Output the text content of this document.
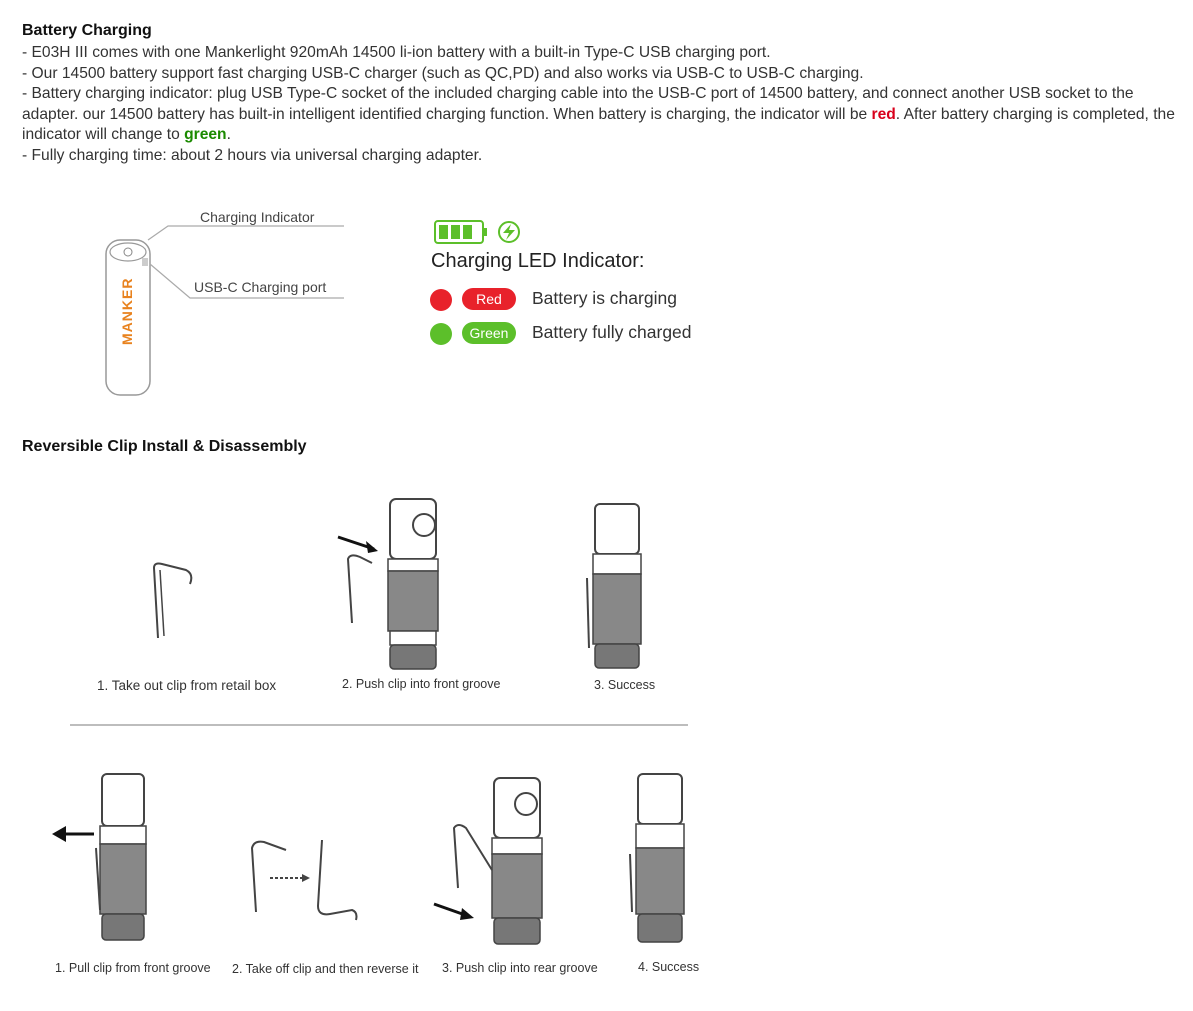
Battery Charging

- E03H III comes with one Mankerlight 920mAh 14500 li-ion battery with a built-in Type-C USB charging port.

- Our 14500 battery support fast charging USB-C charger (such as QC,PD) and also works via USB-C to USB-C charging.

- Battery charging indicator: plug USB Type-C socket of the included charging cable into the USB-C port of 14500 battery, and connect another USB socket to the adapter. our 14500 battery has built-in intelligent identified charging function. When battery is charging, the indicator will be red. After battery charging is completed, the indicator will change to green.

- Fully charging time: about 2 hours via universal charging adapter.

Charging Indicator
USB-C Charging port
Charging LED Indicator:
Red	Battery is charging
Green	Battery fully charged
Reversible Clip Install & Disassembly
1. Take out clip from retail box	2. Push clip into front groove	3. Success
1. Pull clip from front groove 2. Take off clip and then reverse it 3. Push clip into rear groove	4. Success
